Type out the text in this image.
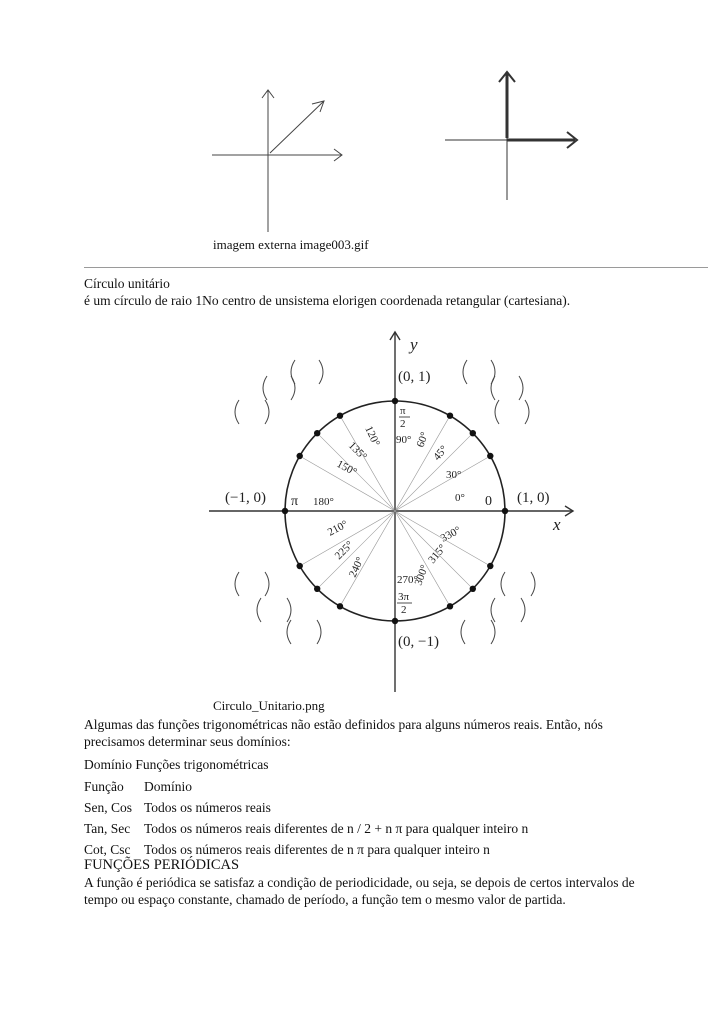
imagem externa image003.gif
Círculo unitário
é um círculo de raio 1No centro de unsistema elorigen coordenada retangular (cartesiana).
y
x
(1, 0)
(−1, 0)
(0, 1)
(0, −1)
0
π
π
2
3π
2
0°
30°
45°
60°
90°
120°
135°
150°
180°
210°
225°
240°
270°
300°
315°
330°
Circulo_Unitario.png
Algumas das funções trigonométricas não estão definidos para alguns números reais. Então, nós
precisamos determinar seus domínios:
Domínio Funções trigonométricas
Função Domínio
Sen, Cos Todos os números reais
Tan, Sec Todos os números reais diferentes de n / 2 + n π para qualquer inteiro n
Cot, Csc Todos os números reais diferentes de n π para qualquer inteiro n
FUNÇÕES PERIÓDICAS
A função é periódica se satisfaz a condição de periodicidade, ou seja, se depois de certos intervalos de
tempo ou espaço constante, chamado de período, a função tem o mesmo valor de partida.
